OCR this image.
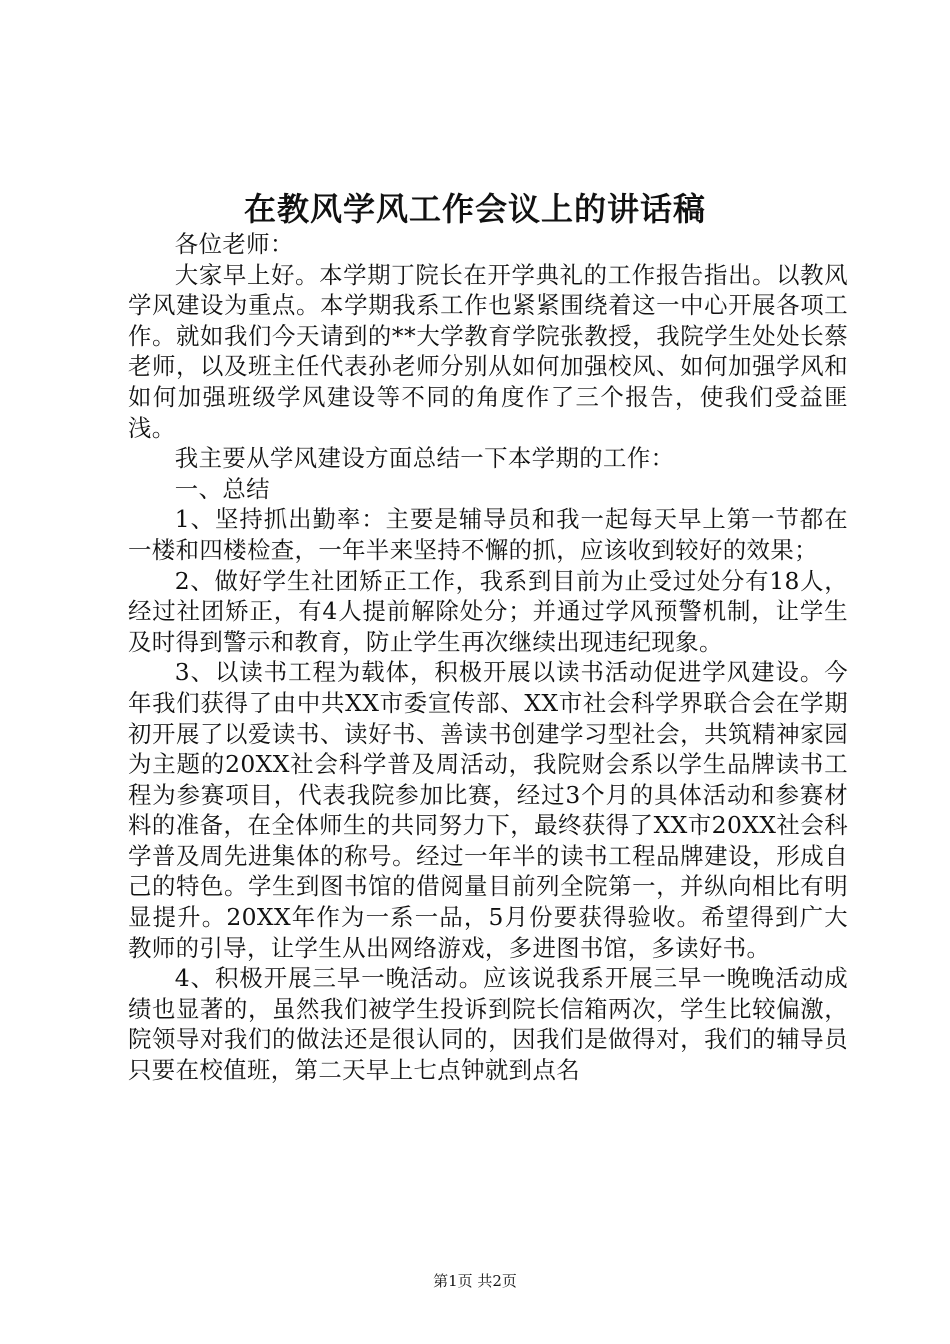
在教风学风工作会议上的讲话稿

各位老师：

大家早上好。本学期丁院长在开学典礼的工作报告指出。以教风学风建设为重点。本学期我系工作也紧紧围绕着这一中心开展各项工作。就如我们今天请到的**大学教育学院张教授，我院学生处处长蔡老师，以及班主任代表孙老师分别从如何加强校风、如何加强学风和如何加强班级学风建设等不同的角度作了三个报告，使我们受益匪浅。

我主要从学风建设方面总结一下本学期的工作：

一、总结

1、坚持抓出勤率：主要是辅导员和我一起每天早上第一节都在一楼和四楼检查，一年半来坚持不懈的抓，应该收到较好的效果；

2、做好学生社团矫正工作，我系到目前为止受过处分有18人，经过社团矫正，有4人提前解除处分；并通过学风预警机制，让学生及时得到警示和教育，防止学生再次继续出现违纪现象。

3、以读书工程为载体，积极开展以读书活动促进学风建设。今年我们获得了由中共XX市委宣传部、XX市社会科学界联合会在学期初开展了以爱读书、读好书、善读书创建学习型社会，共筑精神家园为主题的20XX社会科学普及周活动，我院财会系以学生品牌读书工程为参赛项目，代表我院参加比赛，经过3个月的具体活动和参赛材料的准备，在全体师生的共同努力下，最终获得了XX市20XX社会科学普及周先进集体的称号。经过一年半的读书工程品牌建设，形成自己的特色。学生到图书馆的借阅量目前列全院第一，并纵向相比有明显提升。20XX年作为一系一品，5月份要获得验收。希望得到广大教师的引导，让学生从出网络游戏，多进图书馆，多读好书。

4、积极开展三早一晚活动。应该说我系开展三早一晚晚活动成绩也显著的，虽然我们被学生投诉到院长信箱两次，学生比较偏激，院领导对我们的做法还是很认同的，因我们是做得对，我们的辅导员只要在校值班，第二天早上七点钟就到点名

第1页 共2页
